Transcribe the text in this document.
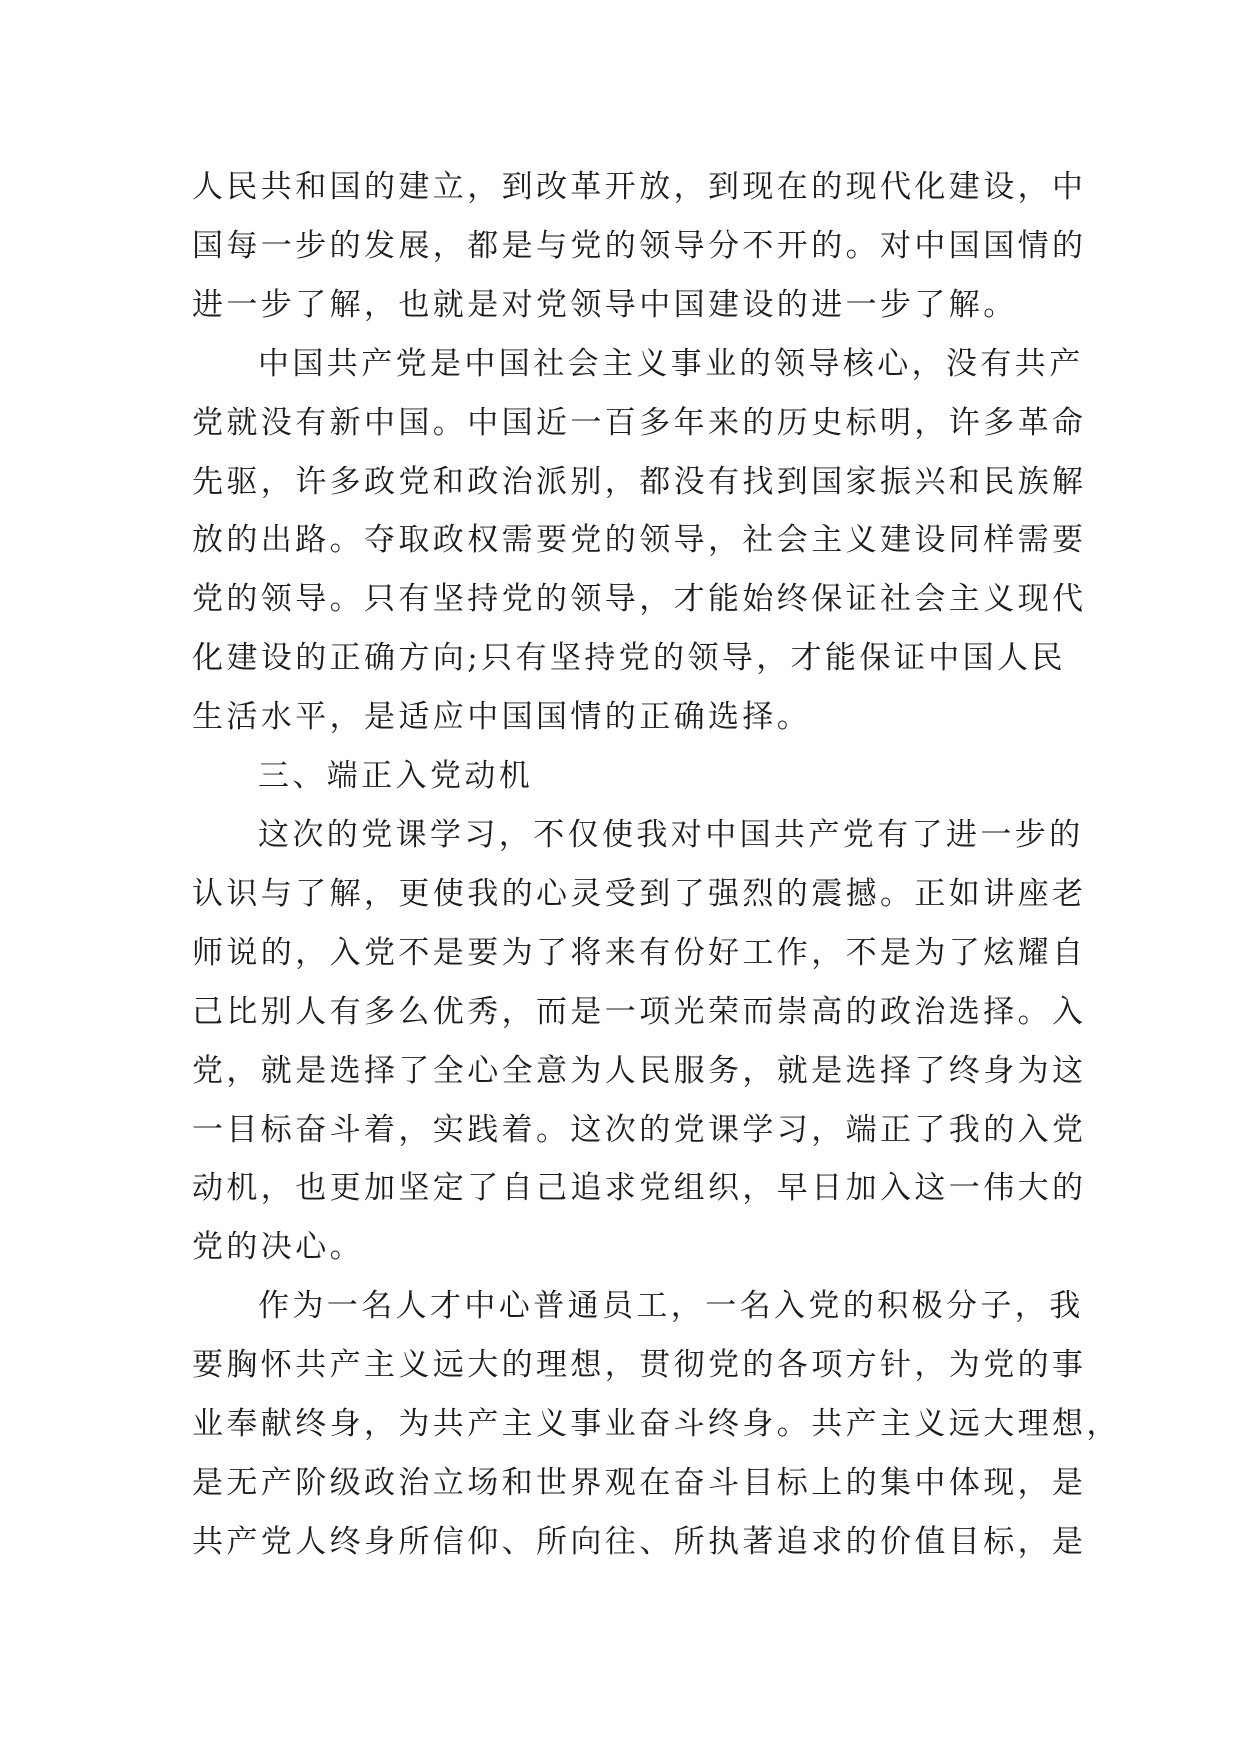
人民共和国的建立，到改革开放，到现在的现代化建设，中
国每一步的发展，都是与党的领导分不开的。对中国国情的
进一步了解，也就是对党领导中国建设的进一步了解。
中国共产党是中国社会主义事业的领导核心，没有共产
党就没有新中国。中国近一百多年来的历史标明，许多革命
先驱，许多政党和政治派别，都没有找到国家振兴和民族解
放的出路。夺取政权需要党的领导，社会主义建设同样需要
党的领导。只有坚持党的领导，才能始终保证社会主义现代
化建设的正确方向;只有坚持党的领导，才能保证中国人民
生活水平，是适应中国国情的正确选择。
三、端正入党动机
这次的党课学习，不仅使我对中国共产党有了进一步的
认识与了解，更使我的心灵受到了强烈的震撼。正如讲座老
师说的，入党不是要为了将来有份好工作，不是为了炫耀自
己比别人有多么优秀，而是一项光荣而崇高的政治选择。入
党，就是选择了全心全意为人民服务，就是选择了终身为这
一目标奋斗着，实践着。这次的党课学习，端正了我的入党
动机，也更加坚定了自己追求党组织，早日加入这一伟大的
党的决心。
作为一名人才中心普通员工，一名入党的积极分子，我
要胸怀共产主义远大的理想，贯彻党的各项方针，为党的事
业奉献终身，为共产主义事业奋斗终身。共产主义远大理想，
是无产阶级政治立场和世界观在奋斗目标上的集中体现，是
共产党人终身所信仰、所向往、所执著追求的价值目标，是
